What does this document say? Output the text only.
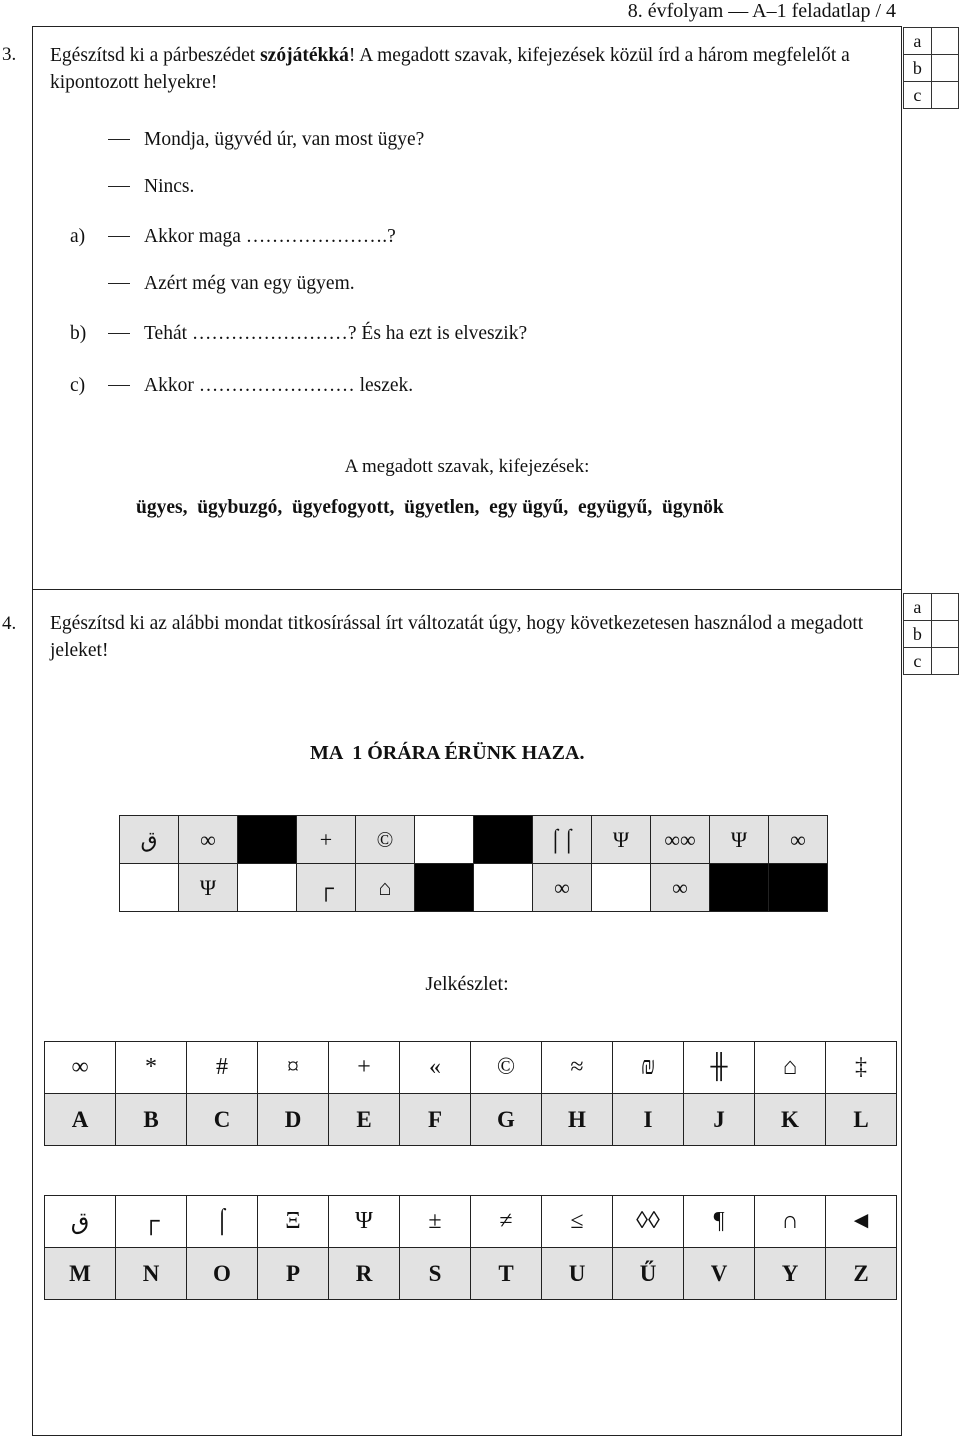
8. évfolyam — A–1 feladatlap / 4
a	
b	
c	
a	
b	
c	
3. Egészítsd ki a párbeszédet szójátékká! A megadott szavak, kifejezések közül írd a három megfelelőt a kipontozott helyekre!
Mondja, ügyvéd úr, van most ügye?
Nincs.
a)	Akkor maga ………………….?
Azért még van egy ügyem.
b)	Tehát ……………………? És ha ezt is elveszik?
c)	Akkor …………………… leszek.
A megadott szavak, kifejezések:
ügyes,  ügybuzgó,  ügyefogyott,  ügyetlen,  egy ügyű,  együgyű,  ügynök
4. Egészítsd ki az alábbi mondat titkosírással írt változatát úgy, hogy következetesen használod a megadott jeleket!
MA  1 ÓRÁRA ÉRÜNK HAZA.
ق	∞		+	©			⌠⌠	Ψ	∞∞	Ψ	∞
	Ψ		┌	⌂			∞		∞		
Jelkészlet:
∞	*	#	¤	+	«	©	≈	₪	╫	⌂	‡
A	B	C	D	E	F	G	H	I	J	K	L
ق	┌	⌠	Ξ	Ψ	±	≠	≤	◊◊	¶	∩	◄
M	N	O	P	R	S	T	U	Ű	V	Y	Z
